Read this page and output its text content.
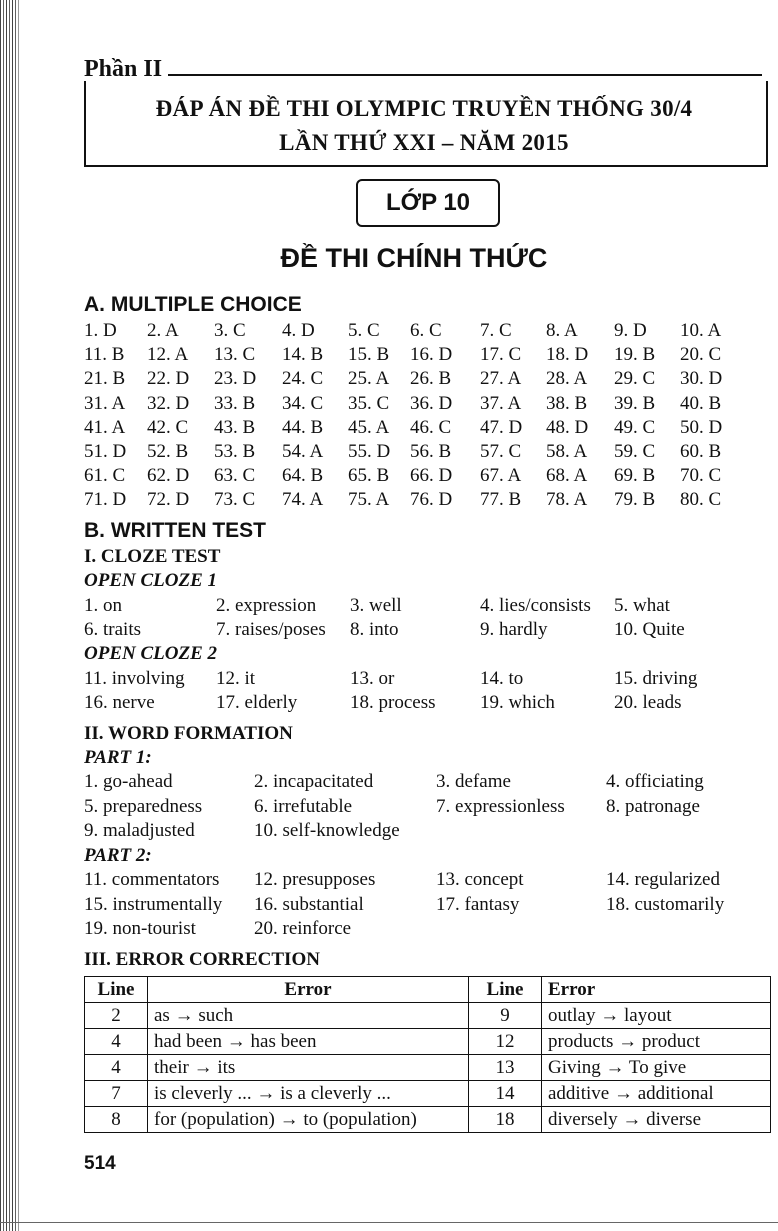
Phần II
ĐÁP ÁN ĐỀ THI OLYMPIC TRUYỀN THỐNG 30/4
LẦN THỨ XXI – NĂM 2015
LỚP 10
ĐỀ THI CHÍNH THỨC
A. MULTIPLE CHOICE
1. D 2. A 3. C 4. D 5. C 6. C 7. C 8. A 9. D 10. A
11. B 12. A 13. C 14. B 15. B 16. D 17. C 18. D 19. B 20. C
21. B 22. D 23. D 24. C 25. A 26. B 27. A 28. A 29. C 30. D
31. A 32. D 33. B 34. C 35. C 36. D 37. A 38. B 39. B 40. B
41. A 42. C 43. B 44. B 45. A 46. C 47. D 48. D 49. C 50. D
51. D 52. B 53. B 54. A 55. D 56. B 57. C 58. A 59. C 60. B
61. C 62. D 63. C 64. B 65. B 66. D 67. A 68. A 69. B 70. C
71. D 72. D 73. C 74. A 75. A 76. D 77. B 78. A 79. B 80. C
B. WRITTEN TEST
I. CLOZE TEST
OPEN CLOZE 1
1. on	2. expression 3. well	4. lies/consists 5. what
6. traits	7. raises/poses 8. into	9. hardly	10. Quite
OPEN CLOZE 2
11. involving 12. it	13. or	14. to	15. driving
16. nerve	17. elderly	18. process 19. which	20. leads
II. WORD FORMATION
PART 1:
1. go-ahead	2. incapacitated	3. defame	4. officiating
5. preparedness	6. irrefutable	7. expressionless 8. patronage
9. maladjusted	10. self-knowledge
PART 2:
11. commentators 12. presupposes	13. concept	14. regularized
15. instrumentally 16. substantial	17. fantasy	18. customarily
19. non-tourist	20. reinforce
III. ERROR CORRECTION
Line	Error	Line	Error
2	as → such	9	outlay → layout
4	had been → has been	12	products → product
4	their → its	13	Giving → To give
7	is cleverly ... → is a cleverly ...	14	additive → additional
8	for (population) → to (population)	18	diversely → diverse
514
